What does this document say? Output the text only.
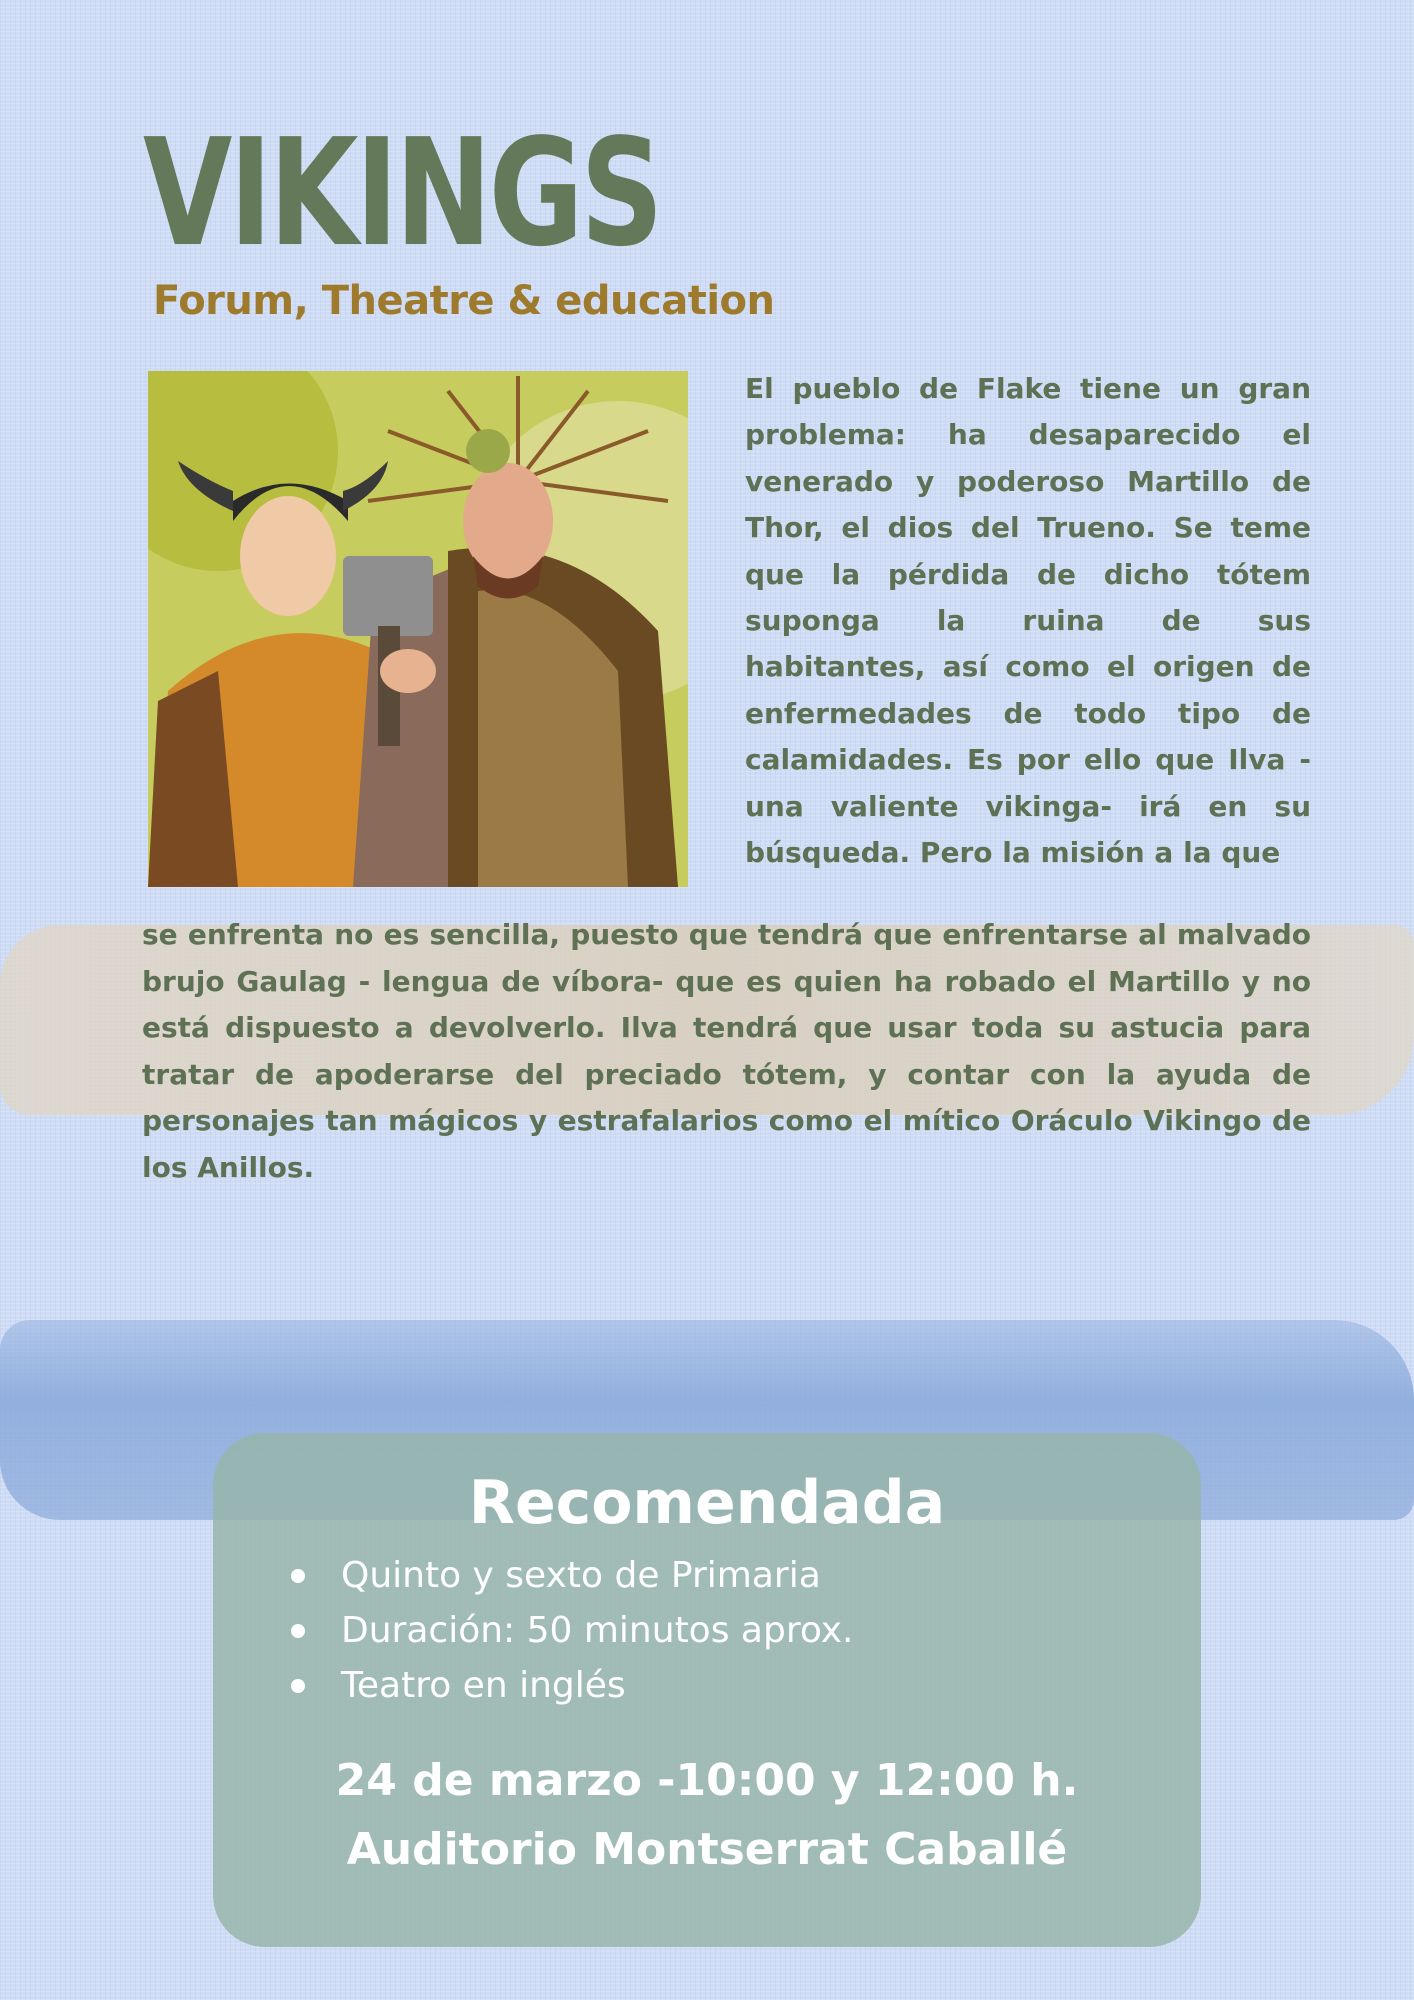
VIKINGS
Forum, Theatre & education

El pueblo de Flake tiene un gran problema: ha desaparecido el venerado y poderoso Martillo de Thor, el dios del Trueno. Se teme que la pérdida de dicho tótem suponga la ruina de sus habitantes, así como el origen de enfermedades de todo tipo de calamidades. Es por ello que Ilva - una valiente vikinga- irá en su búsqueda. Pero la misión a la que

se enfrenta no es sencilla, puesto que tendrá que enfrentarse al malvado brujo Gaulag - lengua de víbora- que es quien ha robado el Martillo y no está dispuesto a devolverlo. Ilva tendrá que usar toda su astucia para tratar de apoderarse del preciado tótem, y contar con la ayuda de personajes tan mágicos y estrafalarios como el mítico Oráculo Vikingo de los Anillos.

Recomendada
Quinto y sexto de Primaria
Duración: 50 minutos aprox.
Teatro en inglés

24 de marzo -10:00 y 12:00 h.

Auditorio Montserrat Caballé
